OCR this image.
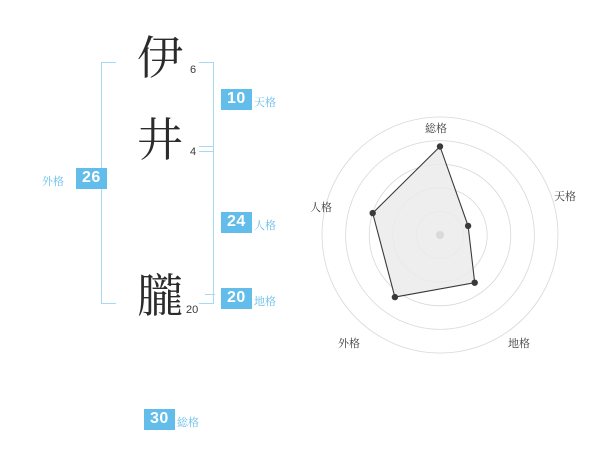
伊 6
井 4
朧 20
10 天格
24 人格
20 地格
26
外格
30 総格
総格
天格
地格
外格
人格
